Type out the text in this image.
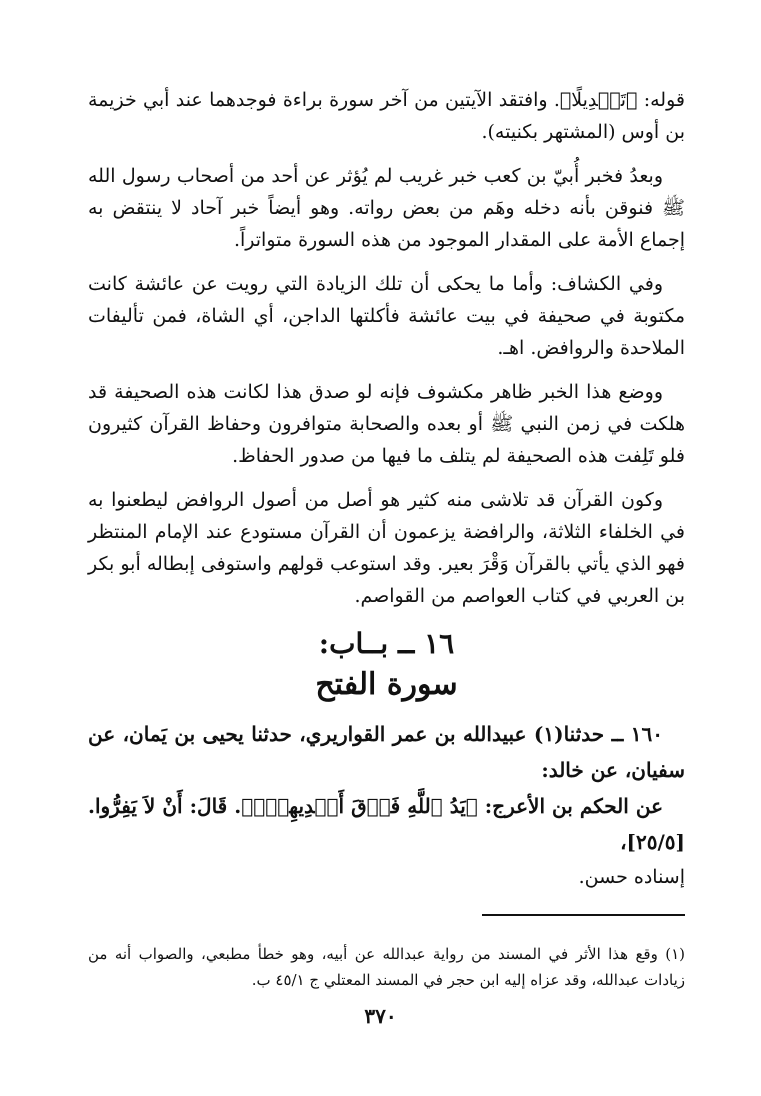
قوله: ﴿تَبۡدِيلًا﴾. وافتقد الآيتين من آخر سورة براءة فوجدهما عند أبي خزيمة بن أوس (المشتهر بكنيته).

وبعدُ فخبر أُبيّ بن كعب خبر غريب لم يُؤثر عن أحد من أصحاب رسول الله ﷺ فنوقن بأنه دخله وهَم من بعض رواته. وهو أيضاً خبر آحاد لا ينتقض به إجماع الأمة على المقدار الموجود من هذه السورة متواتراً.

وفي الكشاف: وأما ما يحكى أن تلك الزيادة التي رويت عن عائشة كانت مكتوبة في صحيفة في بيت عائشة فأكلتها الداجن، أي الشاة، فمن تأليفات الملاحدة والروافض. اهـ.

ووضع هذا الخبر ظاهر مكشوف فإنه لو صدق هذا لكانت هذه الصحيفة قد هلكت في زمن النبي ﷺ أو بعده والصحابة متوافرون وحفاظ القرآن كثيرون فلو تَلِفت هذه الصحيفة لم يتلف ما فيها من صدور الحفاظ.

وكون القرآن قد تلاشى منه كثير هو أصل من أصول الروافض ليطعنوا به في الخلفاء الثلاثة، والرافضة يزعمون أن القرآن مستودع عند الإمام المنتظر فهو الذي يأتي بالقرآن وَقْرَ بعير. وقد استوعب قولهم واستوفى إبطاله أبو بكر بن العربي في كتاب العواصم من القواصم.

١٦ ــ بــاب:
سورة الفتح

١٦٠ ــ حدثنا(١) عبيدالله بن عمر القواريري، حدثنا يحيى بن يَمان، عن سفيان، عن خالد:

عن الحكم بن الأعرج: ﴿يَدُ ٱللَّهِ فَوۡقَ أَيۡدِيهِمۡۚ﴾. قَالَ: أَنْ لاَ يَفِرُّوا. [٢٥/٥]،

إسناده حسن.

(١) وقع هذا الأثر في المسند من رواية عبدالله عن أبيه، وهو خطأ مطبعي، والصواب أنه من زيادات عبدالله، وقد عزاه إليه ابن حجر في المسند المعتلي ج ٤٥/١ ب.

٣٧٠
